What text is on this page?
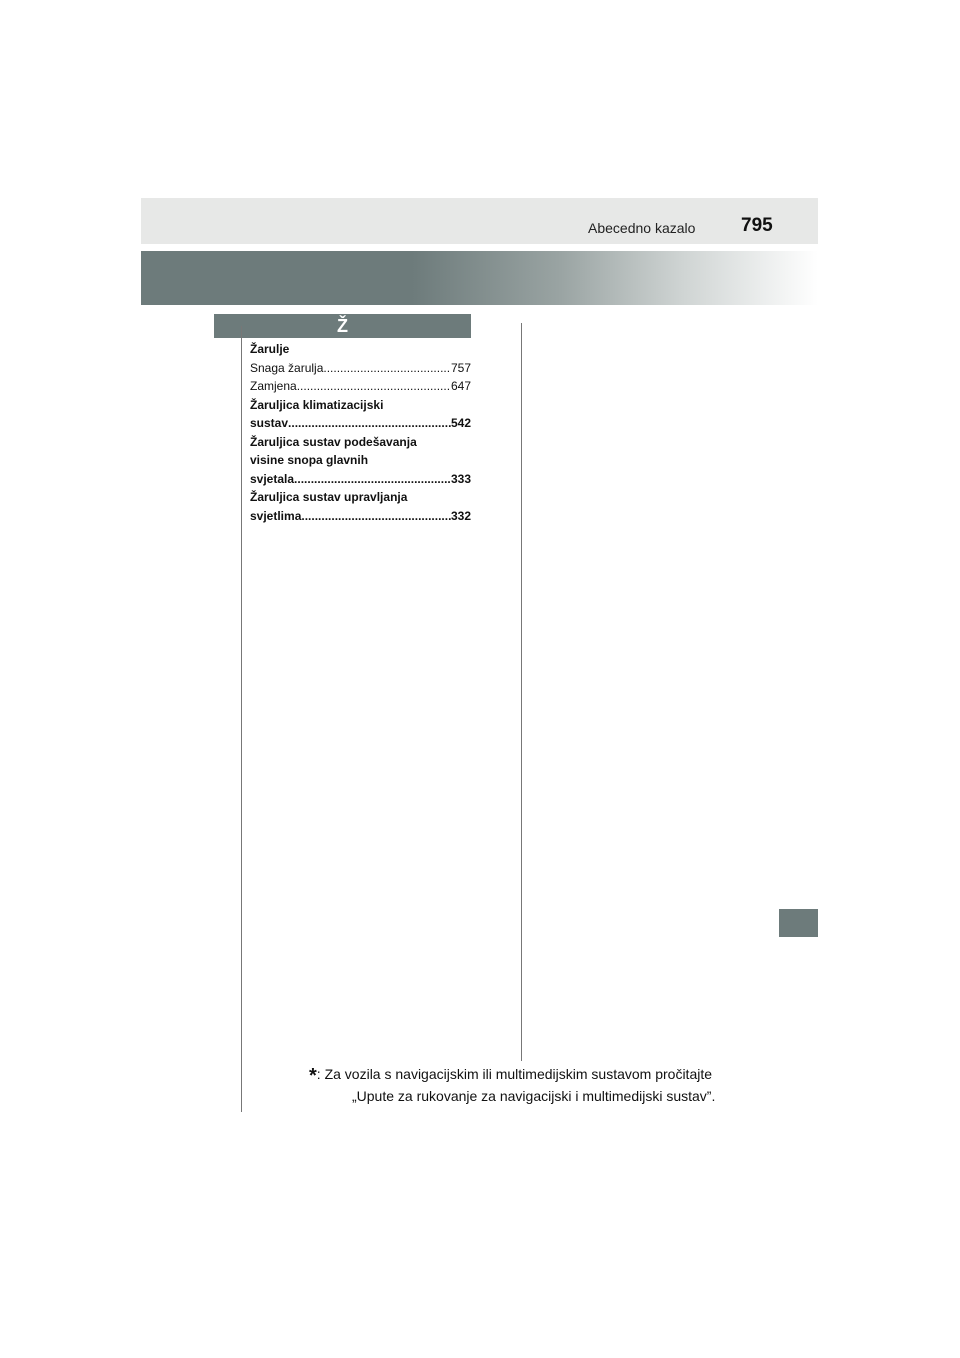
Abecedno kazalo 795
Ž
Žarulje
Snaga žarulja .....	757
Zamjena .....	647
Žaruljica klimatizacijski
sustav .....	542
Žaruljica sustav podešavanja
visine snopa glavnih
svjetala .....	333
Žaruljica sustav upravljanja
svjetlima .....	332
*: Za vozila s navigacijskim ili multimedijskim sustavom pročitajte
„Upute za rukovanje za navigacijski i multimedijski sustav”.
